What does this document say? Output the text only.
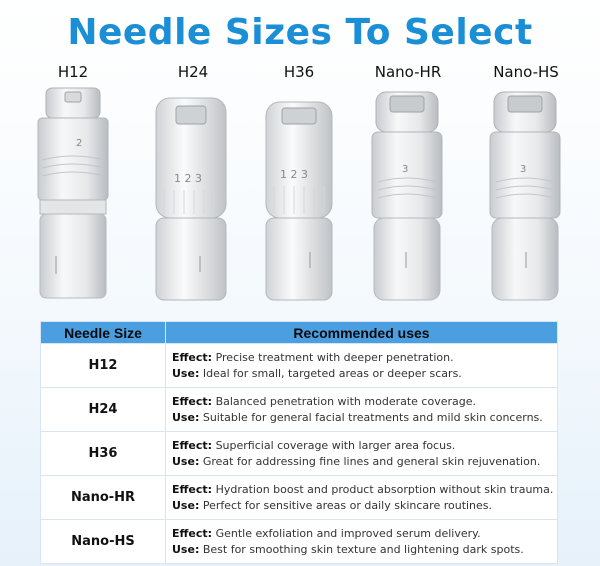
Needle Sizes To Select
H12	H24	H36	Nano-HR	Nano-HS
2
1 2 3	1 2 3	3	3
Needle Size	Recommended uses
H12	Effect: Precise treatment with deeper penetration.
Use: Ideal for small, targeted areas or deeper scars.

H24	Effect: Balanced penetration with moderate coverage.
Use: Suitable for general facial treatments and mild skin concerns.

H36	Effect: Superficial coverage with larger area focus.
Use: Great for addressing fine lines and general skin rejuvenation.

Nano-HR	Effect: Hydration boost and product absorption without skin trauma.
Use: Perfect for sensitive areas or daily skincare routines.

Nano-HS	Effect: Gentle exfoliation and improved serum delivery.
Use: Best for smoothing skin texture and lightening dark spots.
